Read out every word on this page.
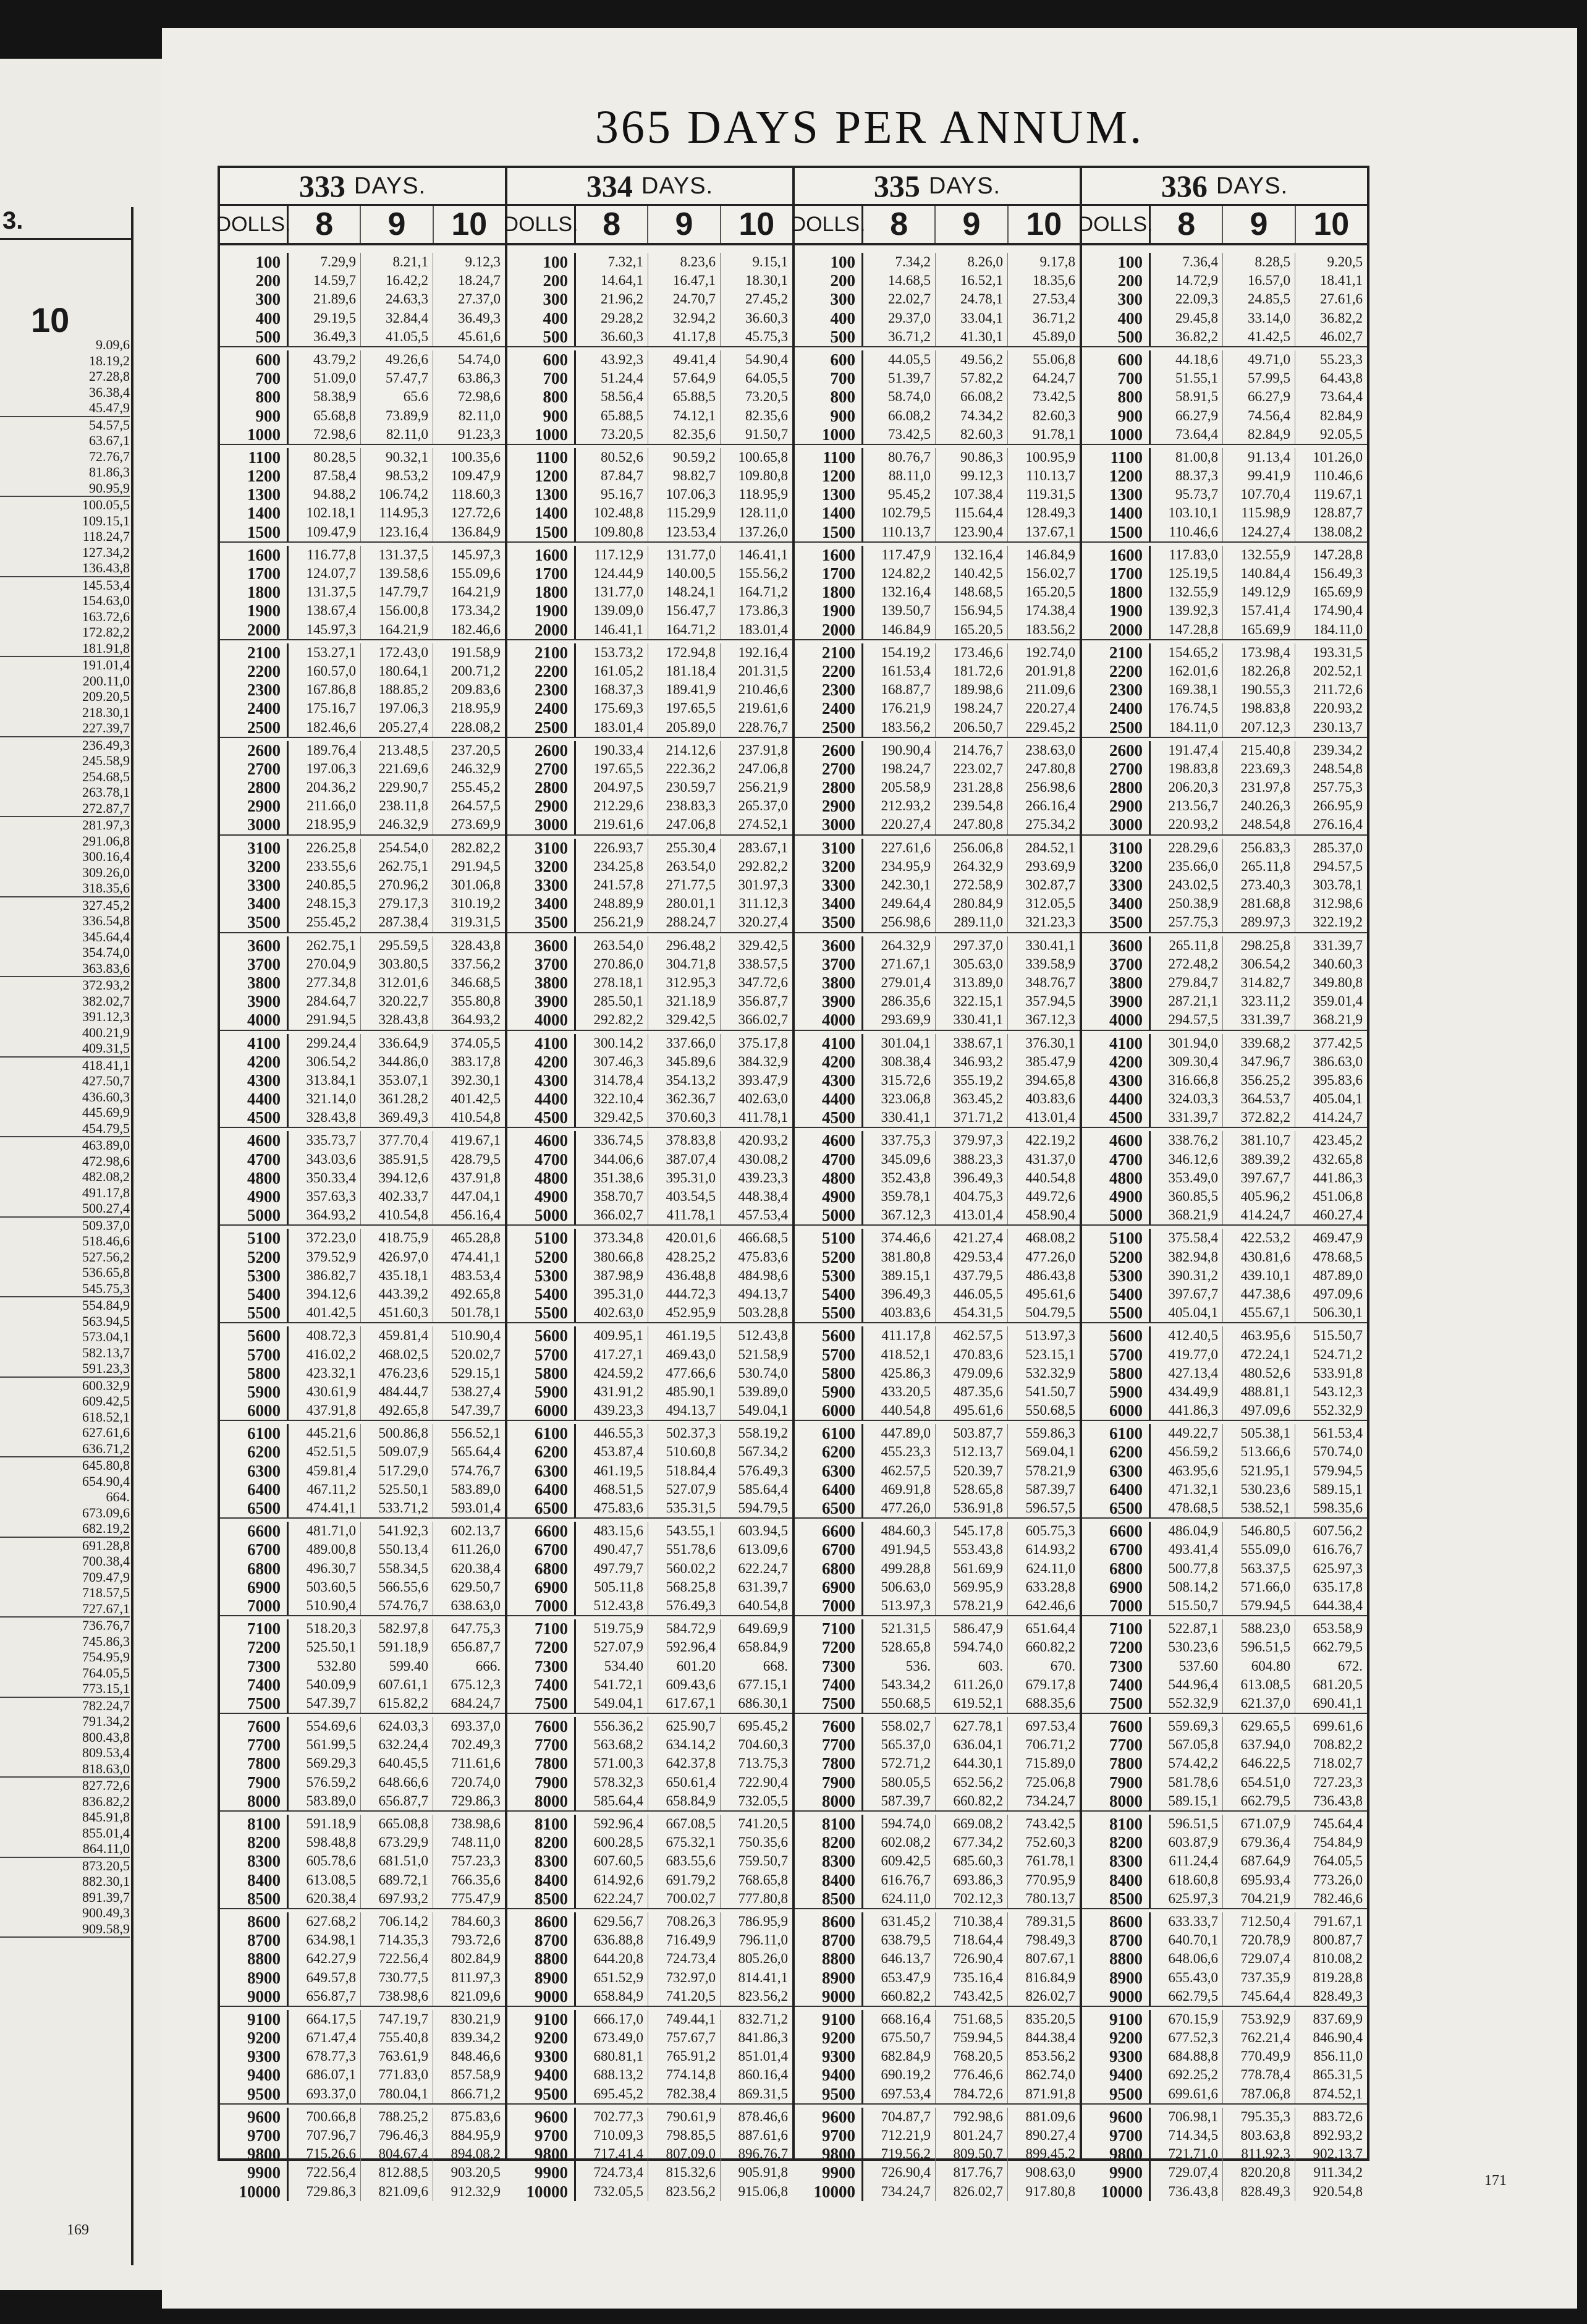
3.
10
9.09,6
18.19,2
27.28,8
36.38,4
45.47,9
54.57,5
63.67,1
72.76,7
81.86,3
90.95,9
100.05,5
109.15,1
118.24,7
127.34,2
136.43,8
145.53,4
154.63,0
163.72,6
172.82,2
181.91,8
191.01,4
200.11,0
209.20,5
218.30,1
227.39,7
236.49,3
245.58,9
254.68,5
263.78,1
272.87,7
281.97,3
291.06,8
300.16,4
309.26,0
318.35,6
327.45,2
336.54,8
345.64,4
354.74,0
363.83,6
372.93,2
382.02,7
391.12,3
400.21,9
409.31,5
418.41,1
427.50,7
436.60,3
445.69,9
454.79,5
463.89,0
472.98,6
482.08,2
491.17,8
500.27,4
509.37,0
518.46,6
527.56,2
536.65,8
545.75,3
554.84,9
563.94,5
573.04,1
582.13,7
591.23,3
600.32,9
609.42,5
618.52,1
627.61,6
636.71,2
645.80,8
654.90,4
664.
673.09,6
682.19,2
691.28,8
700.38,4
709.47,9
718.57,5
727.67,1
736.76,7
745.86,3
754.95,9
764.05,5
773.15,1
782.24,7
791.34,2
800.43,8
809.53,4
818.63,0
827.72,6
836.82,2
845.91,8
855.01,4
864.11,0
873.20,5
882.30,1
891.39,7
900.49,3
909.58,9
169
365 DAYS PER ANNUM.
333 DAYS.
DOLLS. 8	9	10
100	7.29,9	8.21,1	9.12,3
200	14.59,7	16.42,2	18.24,7
300	21.89,6	24.63,3	27.37,0
400	29.19,5	32.84,4	36.49,3
500	36.49,3	41.05,5	45.61,6
600	43.79,2	49.26,6	54.74,0
700	51.09,0	57.47,7	63.86,3
800	58.38,9	65.6	72.98,6
900	65.68,8	73.89,9	82.11,0
1000	72.98,6	82.11,0	91.23,3
1100	80.28,5	90.32,1	100.35,6
1200	87.58,4	98.53,2	109.47,9
1300	94.88,2	106.74,2	118.60,3
1400	102.18,1	114.95,3	127.72,6
1500	109.47,9	123.16,4	136.84,9
1600	116.77,8	131.37,5	145.97,3
1700	124.07,7	139.58,6	155.09,6
1800	131.37,5	147.79,7	164.21,9
1900	138.67,4	156.00,8	173.34,2
2000	145.97,3	164.21,9	182.46,6
2100	153.27,1	172.43,0	191.58,9
2200	160.57,0	180.64,1	200.71,2
2300	167.86,8	188.85,2	209.83,6
2400	175.16,7	197.06,3	218.95,9
2500	182.46,6	205.27,4	228.08,2
2600	189.76,4	213.48,5	237.20,5
2700	197.06,3	221.69,6	246.32,9
2800	204.36,2	229.90,7	255.45,2
2900	211.66,0	238.11,8	264.57,5
3000	218.95,9	246.32,9	273.69,9
3100	226.25,8	254.54,0	282.82,2
3200	233.55,6	262.75,1	291.94,5
3300	240.85,5	270.96,2	301.06,8
3400	248.15,3	279.17,3	310.19,2
3500	255.45,2	287.38,4	319.31,5
3600	262.75,1	295.59,5	328.43,8
3700	270.04,9	303.80,5	337.56,2
3800	277.34,8	312.01,6	346.68,5
3900	284.64,7	320.22,7	355.80,8
4000	291.94,5	328.43,8	364.93,2
4100	299.24,4	336.64,9	374.05,5
4200	306.54,2	344.86,0	383.17,8
4300	313.84,1	353.07,1	392.30,1
4400	321.14,0	361.28,2	401.42,5
4500	328.43,8	369.49,3	410.54,8
4600	335.73,7	377.70,4	419.67,1
4700	343.03,6	385.91,5	428.79,5
4800	350.33,4	394.12,6	437.91,8
4900	357.63,3	402.33,7	447.04,1
5000	364.93,2	410.54,8	456.16,4
5100	372.23,0	418.75,9	465.28,8
5200	379.52,9	426.97,0	474.41,1
5300	386.82,7	435.18,1	483.53,4
5400	394.12,6	443.39,2	492.65,8
5500	401.42,5	451.60,3	501.78,1
5600	408.72,3	459.81,4	510.90,4
5700	416.02,2	468.02,5	520.02,7
5800	423.32,1	476.23,6	529.15,1
5900	430.61,9	484.44,7	538.27,4
6000	437.91,8	492.65,8	547.39,7
6100	445.21,6	500.86,8	556.52,1
6200	452.51,5	509.07,9	565.64,4
6300	459.81,4	517.29,0	574.76,7
6400	467.11,2	525.50,1	583.89,0
6500	474.41,1	533.71,2	593.01,4
6600	481.71,0	541.92,3	602.13,7
6700	489.00,8	550.13,4	611.26,0
6800	496.30,7	558.34,5	620.38,4
6900	503.60,5	566.55,6	629.50,7
7000	510.90,4	574.76,7	638.63,0
7100	518.20,3	582.97,8	647.75,3
7200	525.50,1	591.18,9	656.87,7
7300	532.80	599.40	666.
7400	540.09,9	607.61,1	675.12,3
7500	547.39,7	615.82,2	684.24,7
7600	554.69,6	624.03,3	693.37,0
7700	561.99,5	632.24,4	702.49,3
7800	569.29,3	640.45,5	711.61,6
7900	576.59,2	648.66,6	720.74,0
8000	583.89,0	656.87,7	729.86,3
8100	591.18,9	665.08,8	738.98,6
8200	598.48,8	673.29,9	748.11,0
8300	605.78,6	681.51,0	757.23,3
8400	613.08,5	689.72,1	766.35,6
8500	620.38,4	697.93,2	775.47,9
8600	627.68,2	706.14,2	784.60,3
8700	634.98,1	714.35,3	793.72,6
8800	642.27,9	722.56,4	802.84,9
8900	649.57,8	730.77,5	811.97,3
9000	656.87,7	738.98,6	821.09,6
9100	664.17,5	747.19,7	830.21,9
9200	671.47,4	755.40,8	839.34,2
9300	678.77,3	763.61,9	848.46,6
9400	686.07,1	771.83,0	857.58,9
9500	693.37,0	780.04,1	866.71,2
9600	700.66,8	788.25,2	875.83,6
9700	707.96,7	796.46,3	884.95,9
9800	715.26,6	804.67,4	894.08,2
9900	722.56,4	812.88,5	903.20,5
10000	729.86,3	821.09,6	912.32,9
334 DAYS.
DOLLS. 8	9	10
100	7.32,1	8.23,6	9.15,1
200	14.64,1	16.47,1	18.30,1
300	21.96,2	24.70,7	27.45,2
400	29.28,2	32.94,2	36.60,3
500	36.60,3	41.17,8	45.75,3
600	43.92,3	49.41,4	54.90,4
700	51.24,4	57.64,9	64.05,5
800	58.56,4	65.88,5	73.20,5
900	65.88,5	74.12,1	82.35,6
1000	73.20,5	82.35,6	91.50,7
1100	80.52,6	90.59,2	100.65,8
1200	87.84,7	98.82,7	109.80,8
1300	95.16,7	107.06,3	118.95,9
1400	102.48,8	115.29,9	128.11,0
1500	109.80,8	123.53,4	137.26,0
1600	117.12,9	131.77,0	146.41,1
1700	124.44,9	140.00,5	155.56,2
1800	131.77,0	148.24,1	164.71,2
1900	139.09,0	156.47,7	173.86,3
2000	146.41,1	164.71,2	183.01,4
2100	153.73,2	172.94,8	192.16,4
2200	161.05,2	181.18,4	201.31,5
2300	168.37,3	189.41,9	210.46,6
2400	175.69,3	197.65,5	219.61,6
2500	183.01,4	205.89,0	228.76,7
2600	190.33,4	214.12,6	237.91,8
2700	197.65,5	222.36,2	247.06,8
2800	204.97,5	230.59,7	256.21,9
2900	212.29,6	238.83,3	265.37,0
3000	219.61,6	247.06,8	274.52,1
3100	226.93,7	255.30,4	283.67,1
3200	234.25,8	263.54,0	292.82,2
3300	241.57,8	271.77,5	301.97,3
3400	248.89,9	280.01,1	311.12,3
3500	256.21,9	288.24,7	320.27,4
3600	263.54,0	296.48,2	329.42,5
3700	270.86,0	304.71,8	338.57,5
3800	278.18,1	312.95,3	347.72,6
3900	285.50,1	321.18,9	356.87,7
4000	292.82,2	329.42,5	366.02,7
4100	300.14,2	337.66,0	375.17,8
4200	307.46,3	345.89,6	384.32,9
4300	314.78,4	354.13,2	393.47,9
4400	322.10,4	362.36,7	402.63,0
4500	329.42,5	370.60,3	411.78,1
4600	336.74,5	378.83,8	420.93,2
4700	344.06,6	387.07,4	430.08,2
4800	351.38,6	395.31,0	439.23,3
4900	358.70,7	403.54,5	448.38,4
5000	366.02,7	411.78,1	457.53,4
5100	373.34,8	420.01,6	466.68,5
5200	380.66,8	428.25,2	475.83,6
5300	387.98,9	436.48,8	484.98,6
5400	395.31,0	444.72,3	494.13,7
5500	402.63,0	452.95,9	503.28,8
5600	409.95,1	461.19,5	512.43,8
5700	417.27,1	469.43,0	521.58,9
5800	424.59,2	477.66,6	530.74,0
5900	431.91,2	485.90,1	539.89,0
6000	439.23,3	494.13,7	549.04,1
6100	446.55,3	502.37,3	558.19,2
6200	453.87,4	510.60,8	567.34,2
6300	461.19,5	518.84,4	576.49,3
6400	468.51,5	527.07,9	585.64,4
6500	475.83,6	535.31,5	594.79,5
6600	483.15,6	543.55,1	603.94,5
6700	490.47,7	551.78,6	613.09,6
6800	497.79,7	560.02,2	622.24,7
6900	505.11,8	568.25,8	631.39,7
7000	512.43,8	576.49,3	640.54,8
7100	519.75,9	584.72,9	649.69,9
7200	527.07,9	592.96,4	658.84,9
7300	534.40	601.20	668.
7400	541.72,1	609.43,6	677.15,1
7500	549.04,1	617.67,1	686.30,1
7600	556.36,2	625.90,7	695.45,2
7700	563.68,2	634.14,2	704.60,3
7800	571.00,3	642.37,8	713.75,3
7900	578.32,3	650.61,4	722.90,4
8000	585.64,4	658.84,9	732.05,5
8100	592.96,4	667.08,5	741.20,5
8200	600.28,5	675.32,1	750.35,6
8300	607.60,5	683.55,6	759.50,7
8400	614.92,6	691.79,2	768.65,8
8500	622.24,7	700.02,7	777.80,8
8600	629.56,7	708.26,3	786.95,9
8700	636.88,8	716.49,9	796.11,0
8800	644.20,8	724.73,4	805.26,0
8900	651.52,9	732.97,0	814.41,1
9000	658.84,9	741.20,5	823.56,2
9100	666.17,0	749.44,1	832.71,2
9200	673.49,0	757.67,7	841.86,3
9300	680.81,1	765.91,2	851.01,4
9400	688.13,2	774.14,8	860.16,4
9500	695.45,2	782.38,4	869.31,5
9600	702.77,3	790.61,9	878.46,6
9700	710.09,3	798.85,5	887.61,6
9800	717.41,4	807.09,0	896.76,7
9900	724.73,4	815.32,6	905.91,8
10000	732.05,5	823.56,2	915.06,8
335 DAYS.
DOLLS. 8	9	10
100	7.34,2	8.26,0	9.17,8
200	14.68,5	16.52,1	18.35,6
300	22.02,7	24.78,1	27.53,4
400	29.37,0	33.04,1	36.71,2
500	36.71,2	41.30,1	45.89,0
600	44.05,5	49.56,2	55.06,8
700	51.39,7	57.82,2	64.24,7
800	58.74,0	66.08,2	73.42,5
900	66.08,2	74.34,2	82.60,3
1000	73.42,5	82.60,3	91.78,1
1100	80.76,7	90.86,3	100.95,9
1200	88.11,0	99.12,3	110.13,7
1300	95.45,2	107.38,4	119.31,5
1400	102.79,5	115.64,4	128.49,3
1500	110.13,7	123.90,4	137.67,1
1600	117.47,9	132.16,4	146.84,9
1700	124.82,2	140.42,5	156.02,7
1800	132.16,4	148.68,5	165.20,5
1900	139.50,7	156.94,5	174.38,4
2000	146.84,9	165.20,5	183.56,2
2100	154.19,2	173.46,6	192.74,0
2200	161.53,4	181.72,6	201.91,8
2300	168.87,7	189.98,6	211.09,6
2400	176.21,9	198.24,7	220.27,4
2500	183.56,2	206.50,7	229.45,2
2600	190.90,4	214.76,7	238.63,0
2700	198.24,7	223.02,7	247.80,8
2800	205.58,9	231.28,8	256.98,6
2900	212.93,2	239.54,8	266.16,4
3000	220.27,4	247.80,8	275.34,2
3100	227.61,6	256.06,8	284.52,1
3200	234.95,9	264.32,9	293.69,9
3300	242.30,1	272.58,9	302.87,7
3400	249.64,4	280.84,9	312.05,5
3500	256.98,6	289.11,0	321.23,3
3600	264.32,9	297.37,0	330.41,1
3700	271.67,1	305.63,0	339.58,9
3800	279.01,4	313.89,0	348.76,7
3900	286.35,6	322.15,1	357.94,5
4000	293.69,9	330.41,1	367.12,3
4100	301.04,1	338.67,1	376.30,1
4200	308.38,4	346.93,2	385.47,9
4300	315.72,6	355.19,2	394.65,8
4400	323.06,8	363.45,2	403.83,6
4500	330.41,1	371.71,2	413.01,4
4600	337.75,3	379.97,3	422.19,2
4700	345.09,6	388.23,3	431.37,0
4800	352.43,8	396.49,3	440.54,8
4900	359.78,1	404.75,3	449.72,6
5000	367.12,3	413.01,4	458.90,4
5100	374.46,6	421.27,4	468.08,2
5200	381.80,8	429.53,4	477.26,0
5300	389.15,1	437.79,5	486.43,8
5400	396.49,3	446.05,5	495.61,6
5500	403.83,6	454.31,5	504.79,5
5600	411.17,8	462.57,5	513.97,3
5700	418.52,1	470.83,6	523.15,1
5800	425.86,3	479.09,6	532.32,9
5900	433.20,5	487.35,6	541.50,7
6000	440.54,8	495.61,6	550.68,5
6100	447.89,0	503.87,7	559.86,3
6200	455.23,3	512.13,7	569.04,1
6300	462.57,5	520.39,7	578.21,9
6400	469.91,8	528.65,8	587.39,7
6500	477.26,0	536.91,8	596.57,5
6600	484.60,3	545.17,8	605.75,3
6700	491.94,5	553.43,8	614.93,2
6800	499.28,8	561.69,9	624.11,0
6900	506.63,0	569.95,9	633.28,8
7000	513.97,3	578.21,9	642.46,6
7100	521.31,5	586.47,9	651.64,4
7200	528.65,8	594.74,0	660.82,2
7300	536.	603.	670.
7400	543.34,2	611.26,0	679.17,8
7500	550.68,5	619.52,1	688.35,6
7600	558.02,7	627.78,1	697.53,4
7700	565.37,0	636.04,1	706.71,2
7800	572.71,2	644.30,1	715.89,0
7900	580.05,5	652.56,2	725.06,8
8000	587.39,7	660.82,2	734.24,7
8100	594.74,0	669.08,2	743.42,5
8200	602.08,2	677.34,2	752.60,3
8300	609.42,5	685.60,3	761.78,1
8400	616.76,7	693.86,3	770.95,9
8500	624.11,0	702.12,3	780.13,7
8600	631.45,2	710.38,4	789.31,5
8700	638.79,5	718.64,4	798.49,3
8800	646.13,7	726.90,4	807.67,1
8900	653.47,9	735.16,4	816.84,9
9000	660.82,2	743.42,5	826.02,7
9100	668.16,4	751.68,5	835.20,5
9200	675.50,7	759.94,5	844.38,4
9300	682.84,9	768.20,5	853.56,2
9400	690.19,2	776.46,6	862.74,0
9500	697.53,4	784.72,6	871.91,8
9600	704.87,7	792.98,6	881.09,6
9700	712.21,9	801.24,7	890.27,4
9800	719.56,2	809.50,7	899.45,2
9900	726.90,4	817.76,7	908.63,0
10000	734.24,7	826.02,7	917.80,8
336 DAYS.
DOLLS. 8	9	10
100	7.36,4	8.28,5	9.20,5
200	14.72,9	16.57,0	18.41,1
300	22.09,3	24.85,5	27.61,6
400	29.45,8	33.14,0	36.82,2
500	36.82,2	41.42,5	46.02,7
600	44.18,6	49.71,0	55.23,3
700	51.55,1	57.99,5	64.43,8
800	58.91,5	66.27,9	73.64,4
900	66.27,9	74.56,4	82.84,9
1000	73.64,4	82.84,9	92.05,5
1100	81.00,8	91.13,4	101.26,0
1200	88.37,3	99.41,9	110.46,6
1300	95.73,7	107.70,4	119.67,1
1400	103.10,1	115.98,9	128.87,7
1500	110.46,6	124.27,4	138.08,2
1600	117.83,0	132.55,9	147.28,8
1700	125.19,5	140.84,4	156.49,3
1800	132.55,9	149.12,9	165.69,9
1900	139.92,3	157.41,4	174.90,4
2000	147.28,8	165.69,9	184.11,0
2100	154.65,2	173.98,4	193.31,5
2200	162.01,6	182.26,8	202.52,1
2300	169.38,1	190.55,3	211.72,6
2400	176.74,5	198.83,8	220.93,2
2500	184.11,0	207.12,3	230.13,7
2600	191.47,4	215.40,8	239.34,2
2700	198.83,8	223.69,3	248.54,8
2800	206.20,3	231.97,8	257.75,3
2900	213.56,7	240.26,3	266.95,9
3000	220.93,2	248.54,8	276.16,4
3100	228.29,6	256.83,3	285.37,0
3200	235.66,0	265.11,8	294.57,5
3300	243.02,5	273.40,3	303.78,1
3400	250.38,9	281.68,8	312.98,6
3500	257.75,3	289.97,3	322.19,2
3600	265.11,8	298.25,8	331.39,7
3700	272.48,2	306.54,2	340.60,3
3800	279.84,7	314.82,7	349.80,8
3900	287.21,1	323.11,2	359.01,4
4000	294.57,5	331.39,7	368.21,9
4100	301.94,0	339.68,2	377.42,5
4200	309.30,4	347.96,7	386.63,0
4300	316.66,8	356.25,2	395.83,6
4400	324.03,3	364.53,7	405.04,1
4500	331.39,7	372.82,2	414.24,7
4600	338.76,2	381.10,7	423.45,2
4700	346.12,6	389.39,2	432.65,8
4800	353.49,0	397.67,7	441.86,3
4900	360.85,5	405.96,2	451.06,8
5000	368.21,9	414.24,7	460.27,4
5100	375.58,4	422.53,2	469.47,9
5200	382.94,8	430.81,6	478.68,5
5300	390.31,2	439.10,1	487.89,0
5400	397.67,7	447.38,6	497.09,6
5500	405.04,1	455.67,1	506.30,1
5600	412.40,5	463.95,6	515.50,7
5700	419.77,0	472.24,1	524.71,2
5800	427.13,4	480.52,6	533.91,8
5900	434.49,9	488.81,1	543.12,3
6000	441.86,3	497.09,6	552.32,9
6100	449.22,7	505.38,1	561.53,4
6200	456.59,2	513.66,6	570.74,0
6300	463.95,6	521.95,1	579.94,5
6400	471.32,1	530.23,6	589.15,1
6500	478.68,5	538.52,1	598.35,6
6600	486.04,9	546.80,5	607.56,2
6700	493.41,4	555.09,0	616.76,7
6800	500.77,8	563.37,5	625.97,3
6900	508.14,2	571.66,0	635.17,8
7000	515.50,7	579.94,5	644.38,4
7100	522.87,1	588.23,0	653.58,9
7200	530.23,6	596.51,5	662.79,5
7300	537.60	604.80	672.
7400	544.96,4	613.08,5	681.20,5
7500	552.32,9	621.37,0	690.41,1
7600	559.69,3	629.65,5	699.61,6
7700	567.05,8	637.94,0	708.82,2
7800	574.42,2	646.22,5	718.02,7
7900	581.78,6	654.51,0	727.23,3
8000	589.15,1	662.79,5	736.43,8
8100	596.51,5	671.07,9	745.64,4
8200	603.87,9	679.36,4	754.84,9
8300	611.24,4	687.64,9	764.05,5
8400	618.60,8	695.93,4	773.26,0
8500	625.97,3	704.21,9	782.46,6
8600	633.33,7	712.50,4	791.67,1
8700	640.70,1	720.78,9	800.87,7
8800	648.06,6	729.07,4	810.08,2
8900	655.43,0	737.35,9	819.28,8
9000	662.79,5	745.64,4	828.49,3
9100	670.15,9	753.92,9	837.69,9
9200	677.52,3	762.21,4	846.90,4
9300	684.88,8	770.49,9	856.11,0
9400	692.25,2	778.78,4	865.31,5
9500	699.61,6	787.06,8	874.52,1
9600	706.98,1	795.35,3	883.72,6
9700	714.34,5	803.63,8	892.93,2
9800	721.71,0	811.92,3	902.13,7
9900	729.07,4	820.20,8	911.34,2
10000	736.43,8	828.49,3	920.54,8
171
